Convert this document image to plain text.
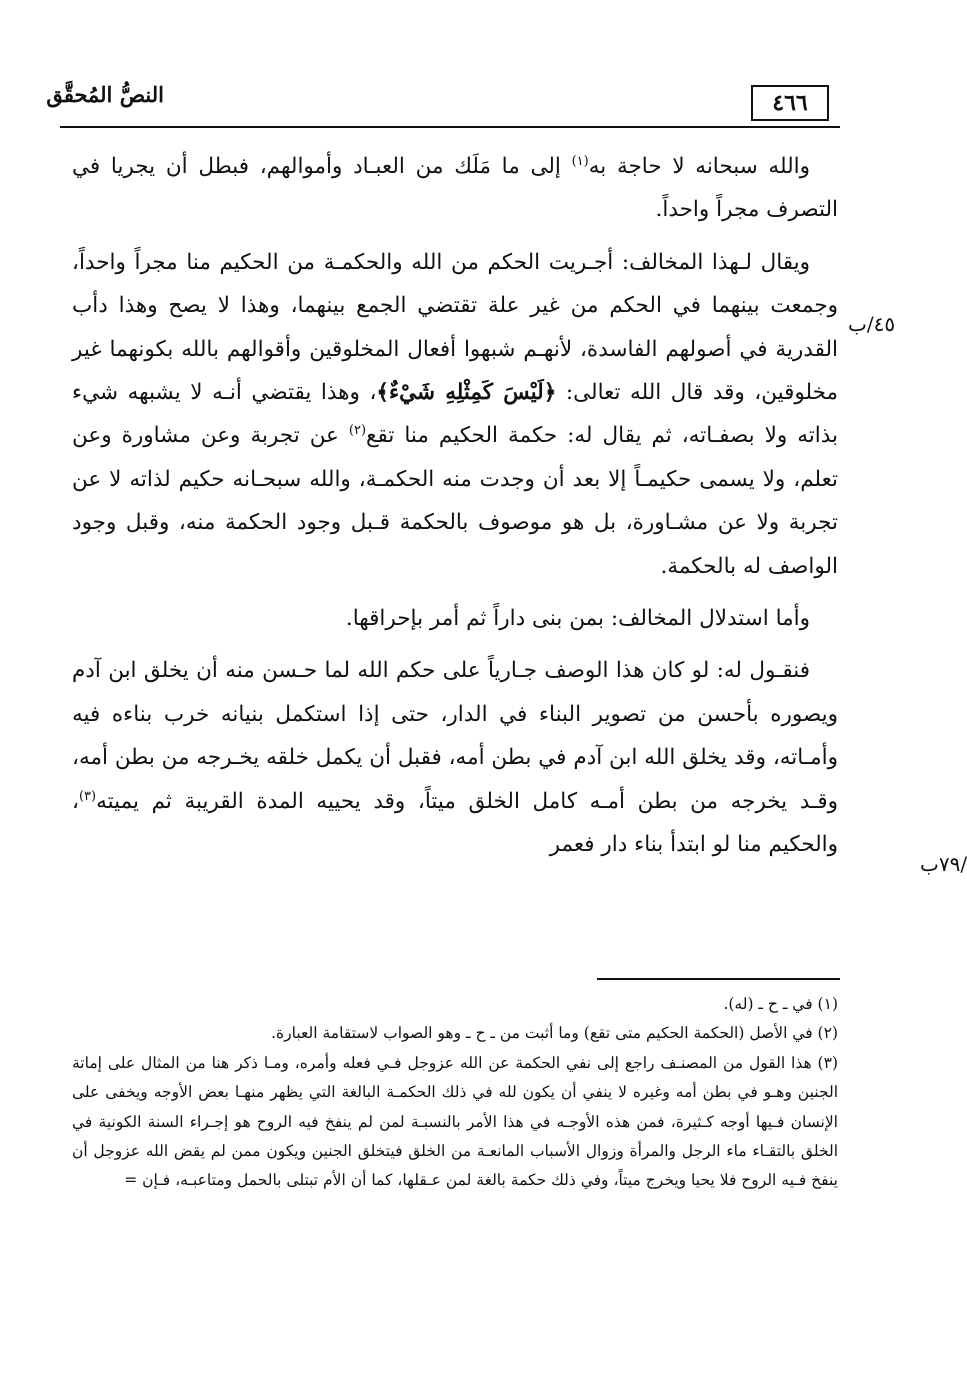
النصُّ المُحقَّق	٤٦٦
٤٥/ب
/٧٩ب

والله سبحانه لا حاجة به$^{(١)}$ إلى ما مَلَك من العبـاد وأموالهم، فبطل أن يجريا في التصرف مجراً واحداً.

ويقال لـهذا المخالف: أجـريت الحكم من الله والحكمـة من الحكيم منا مجراً واحداً، وجمعت بينهما في الحكم من غير علة تقتضي الجمع بينهما، وهذا لا يصح وهذا دأب القدرية في أصولهم الفاسدة، لأنهـم شبهوا أفعال المخلوقين وأقوالهم بالله بكونهما غير مخلوقين، وقد قال الله تعالى: ﴿لَيْسَ كَمِثْلِهِ شَيْءٌ﴾، وهذا يقتضي أنـه لا يشبهه شيء بذاته ولا بصفـاته، ثم يقال له: حكمة الحكيم منا تقع$^{(٢)}$ عن تجربة وعن مشاورة وعن تعلم، ولا يسمى حكيمـاً إلا بعد أن وجدت منه الحكمـة، والله سبحـانه حكيم لذاته لا عن تجربة ولا عن مشـاورة، بل هو موصوف بالحكمة قـبل وجود الحكمة منه، وقبل وجود الواصف له بالحكمة.

وأما استدلال المخالف: بمن بنى داراً ثم أمر بإحراقها.

فنقـول له: لو كان هذا الوصف جـارياً على حكم الله لما حـسن منه أن يخلق ابن آدم ويصوره بأحسن من تصوير البناء في الدار، حتى إذا استكمل بنيانه خرب بناءه فيه وأمـاته، وقد يخلق الله ابن آدم في بطن أمه، فقبل أن يكمل خلقه يخـرجه من بطن أمه، وقـد يخرجه من بطن أمـه كامل الخلق ميتاً، وقد يحييه المدة القريبة ثم يميته$^{(٣)}$، والحكيم منا لو ابتدأ بناء دار فعمر

(١) في ـ ح ـ (له).

(٢) في الأصل (الحكمة الحكيم متى تقع) وما أثبت من ـ ح ـ وهو الصواب لاستقامة العبارة.

(٣) هذا القول من المصنـف راجع إلى نفي الحكمة عن الله عزوجل فـي فعله وأمره، ومـا ذكر هنا من المثال على إماتة الجنين وهـو في بطن أمه وغيره لا ينفي أن يكون لله في ذلك الحكمـة البالغة التي يظهر منهـا بعض الأوجه ويخفى على الإنسان فـيها أوجه كـثيرة، فمن هذه الأوجـه في هذا الأمر بالنسبـة لمن لم ينفخ فيه الروح هو إجـراء السنة الكونية في الخلق بالتقـاء ماء الرجل والمرأة وزوال الأسباب المانعـة من الخلق فيتخلق الجنين ويكون ممن لم يقض الله عزوجل أن ينفخ فـيه الروح فلا يحيا ويخرج ميتاً، وفي ذلك حكمة بالغة لمن عـقلها، كما أن الأم تبتلى بالحمل ومتاعبـه، فـإن =
